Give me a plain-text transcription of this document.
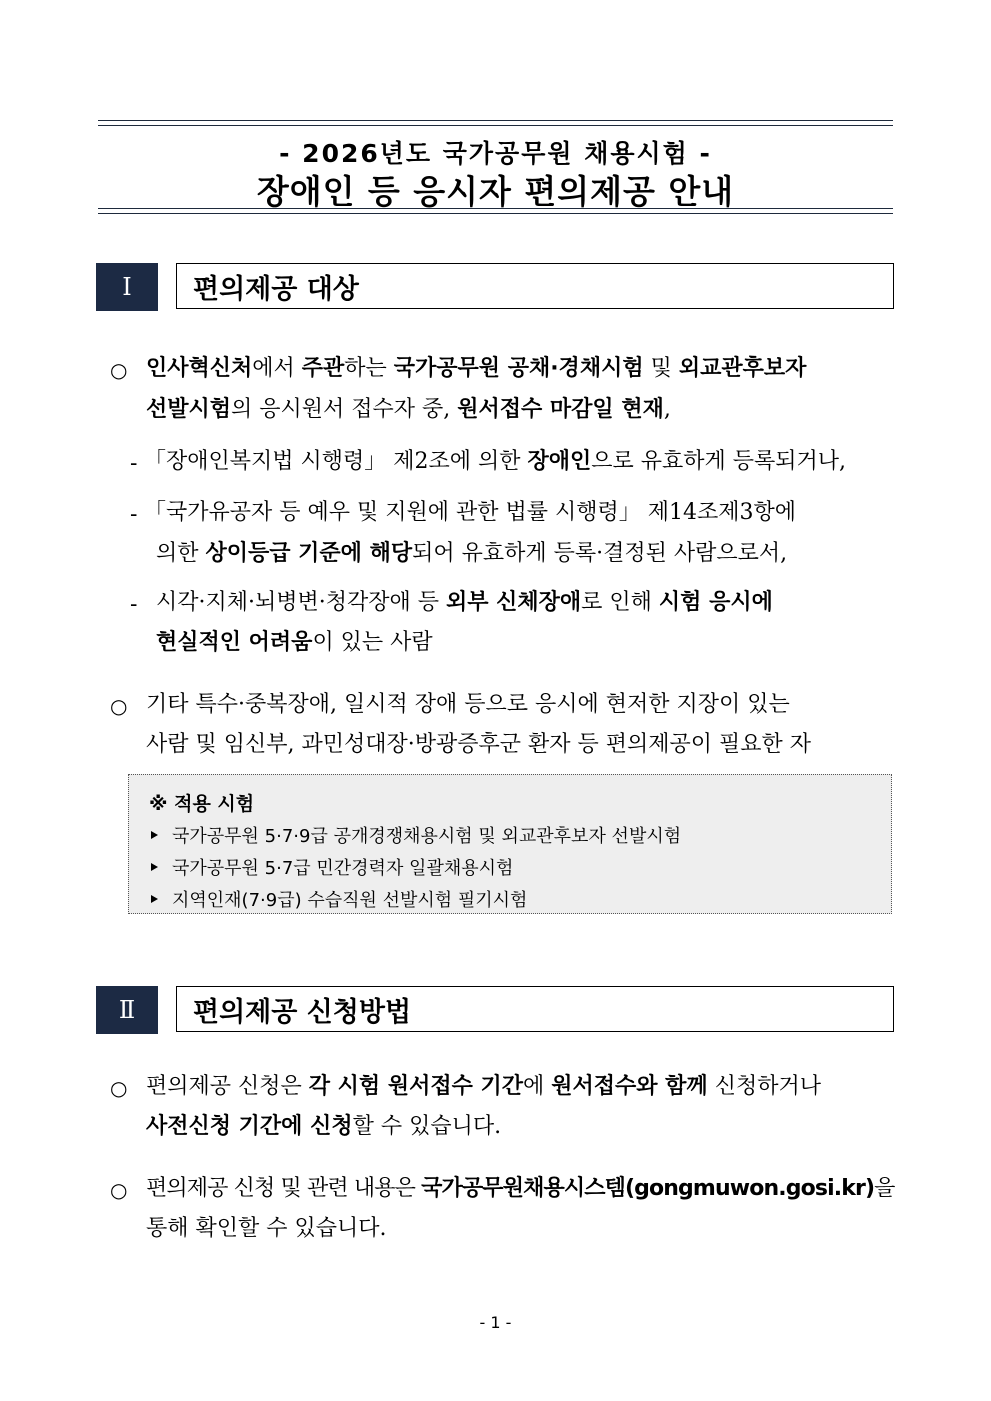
- 2026년도 국가공무원 채용시험 -
장애인 등 응시자 편의제공 안내
Ⅰ	편의제공 대상
○ 인사혁신처에서 주관하는 국가공무원 공채·경채시험 및 외교관후보자
선발시험의 응시원서 접수자 중, 원서접수 마감일 현재,
- 「장애인복지법 시행령」 제2조에 의한 장애인으로 유효하게 등록되거나,
- 「국가유공자 등 예우 및 지원에 관한 법률 시행령」 제14조제3항에
의한 상이등급 기준에 해당되어 유효하게 등록·결정된 사람으로서,
- 시각·지체·뇌병변·청각장애 등 외부 신체장애로 인해 시험 응시에
현실적인 어려움이 있는 사람
○ 기타 특수·중복장애, 일시적 장애 등으로 응시에 현저한 지장이 있는
사람 및 임신부, 과민성대장·방광증후군 환자 등 편의제공이 필요한 자
※ 적용 시험
국가공무원 5·7·9급 공개경쟁채용시험 및 외교관후보자 선발시험
국가공무원 5·7급 민간경력자 일괄채용시험
지역인재(7·9급) 수습직원 선발시험 필기시험
Ⅱ	편의제공 신청방법
○ 편의제공 신청은 각 시험 원서접수 기간에 원서접수와 함께 신청하거나
사전신청 기간에 신청할 수 있습니다.
○ 편의제공 신청 및 관련 내용은 국가공무원채용시스템(gongmuwon.gosi.kr)을
통해 확인할 수 있습니다.
- 1 -
